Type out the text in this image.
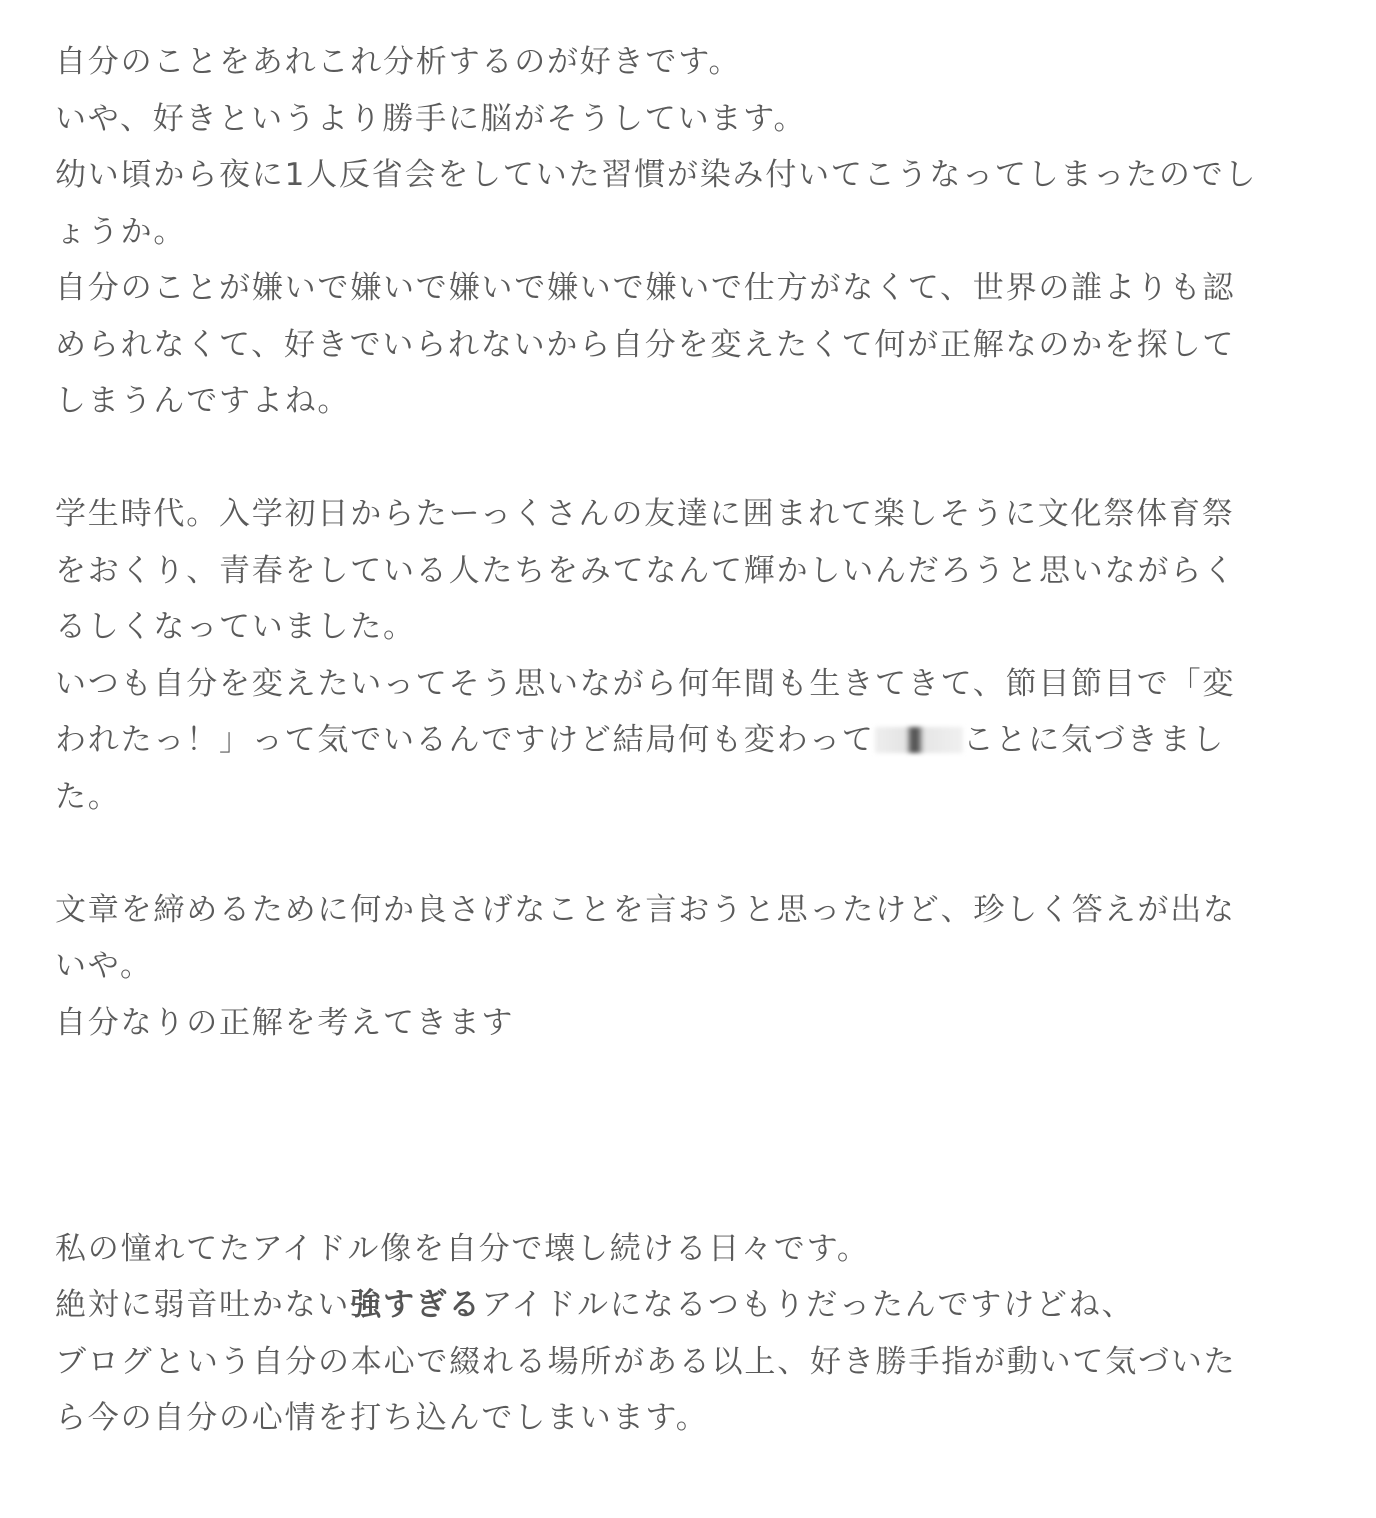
自分のことをあれこれ分析するのが好きです。
いや、好きというより勝手に脳がそうしています。
幼い頃から夜に1人反省会をしていた習慣が染み付いてこうなってしまったのでし
ょうか。
自分のことが嫌いで嫌いで嫌いで嫌いで嫌いで仕方がなくて、世界の誰よりも認
められなくて、好きでいられないから自分を変えたくて何が正解なのかを探して
しまうんですよね。

学生時代。入学初日からたーっくさんの友達に囲まれて楽しそうに文化祭体育祭
をおくり、青春をしている人たちをみてなんて輝かしいんだろうと思いながらく
るしくなっていました。
いつも自分を変えたいってそう思いながら何年間も生きてきて、節目節目で「変
われたっ！」って気でいるんですけど結局何も変わって	ことに気づきまし
た。

文章を締めるために何か良さげなことを言おうと思ったけど、珍しく答えが出な
いや。
自分なりの正解を考えてきます

私の憧れてたアイドル像を自分で壊し続ける日々です。
絶対に弱音吐かない強すぎるアイドルになるつもりだったんですけどね、
ブログという自分の本心で綴れる場所がある以上、好き勝手指が動いて気づいた
ら今の自分の心情を打ち込んでしまいます。
